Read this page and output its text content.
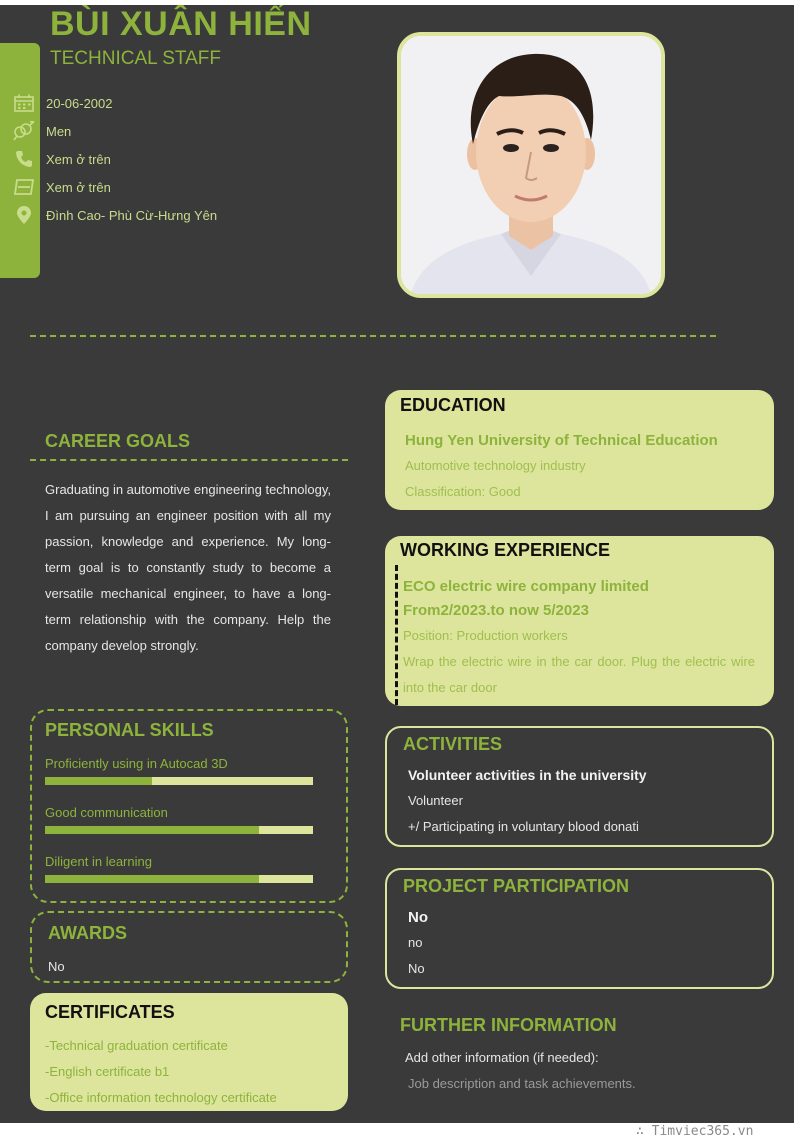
BÙI XUÂN HIẾN
TECHNICAL STAFF
20-06-2002
Men
Xem ở trên
Xem ở trên
Đình Cao- Phù Cừ-Hưng Yên
CAREER GOALS
Graduating in automotive engineering technology, I am pursuing an engineer position with all my passion, knowledge and experience. My long-term goal is to constantly study to become a versatile mechanical engineer, to have a long-term relationship with the company. Help the company develop strongly.
PERSONAL SKILLS
Proficiently using in Autocad 3D
Good communication
Diligent in learning
AWARDS
No
CERTIFICATES
-Technical graduation certificate
-English certificate b1
-Office information technology certificate
EDUCATION
Hung Yen University of Technical Education
Automotive technology industry
Classification: Good
WORKING EXPERIENCE
ECO electric wire company limited
From2/2023.to now 5/2023
Position: Production workers
Wrap the electric wire in the car door. Plug the electric wire into the car door
ACTIVITIES
Volunteer activities in the university
Volunteer
+/ Participating in voluntary blood donati
PROJECT PARTICIPATION
No
no
No
FURTHER INFORMATION
Add other information (if needed):
Job description and task achievements.
∴ Timviec365.vn
